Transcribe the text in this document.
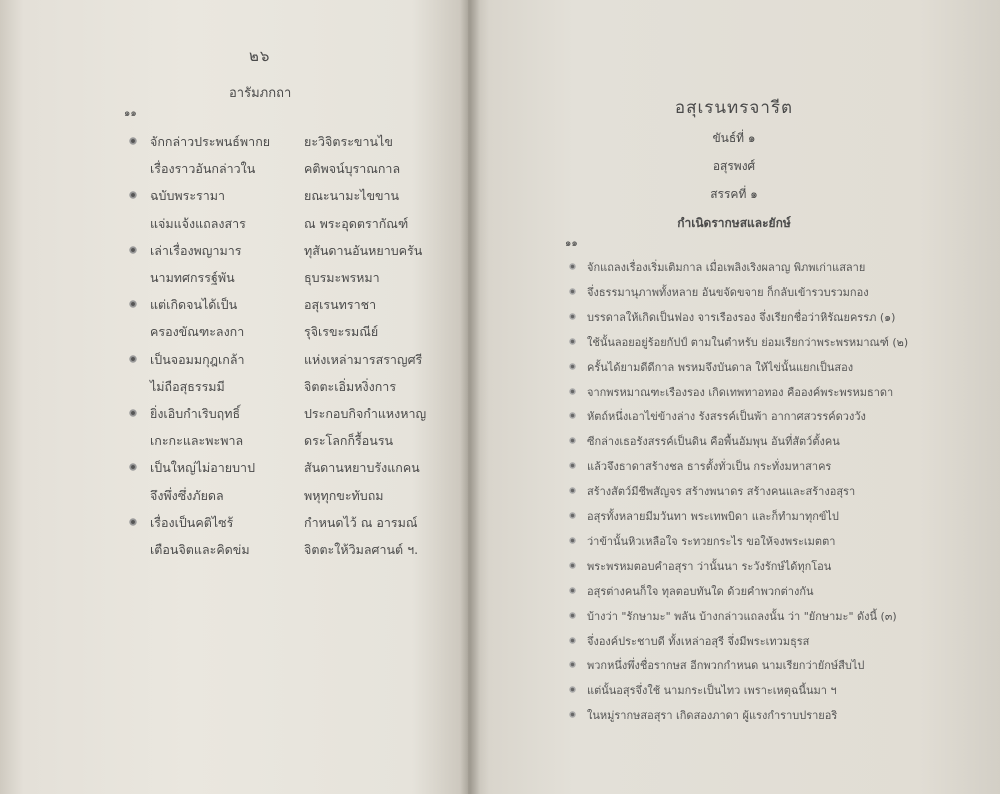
๒๖
อารัมภกถา
๑๑
จักกล่าวประพนธ์พากย	ยะวิจิตระขานไข
เรื่องราวอันกล่าวใน	คติพจน์บุราณกาล
ฉบับพระรามา	ยณะนามะไขขาน
แจ่มแจ้งแถลงสาร	ณ พระอุดตรากัณฑ์
เล่าเรื่องพญามาร	ทุสันดานอันหยาบครัน
นามทศกรรฐ์พัน	ธุบรมะพรหมา
แต่เกิดจนได้เป็น	อสุเรนทราชา
ครองขัณฑะลงกา	รุจิเรขะรมณีย์
เป็นจอมมกุฎเกล้า	แห่งเหล่ามารสราญศรี
ไม่ถือสุธรรมมี	จิตตะเอิ่มหงิ่งการ
ยิ่งเอิบกำเริบฤทธิ์	ประกอบกิจกำแหงหาญ
เกะกะและพะพาล	ดระโลกก็รื้อนรน
เป็นใหญ่ไม่อายบาป	สันดานหยาบรังแกคน
จึงพึ่งซึ่งภัยดล	พหุทุกขะทับถม
เรื่องเป็นคติไซร้	กำหนดไว้ ณ อารมณ์
เตือนจิตและคิดข่ม	จิตตะให้วิมลศานต์ ฯ.
อสุเรนทรจารีต
ขันธ์ที่ ๑
อสุรพงศ์
สรรคที่ ๑
กำเนิดรากษสและยักษ์
๑๑
จักแถลงเรื่องเริ่มเติมกาล เมื่อเพลิงเริงผลาญ พิภพเก่าแสลาย
จึ่งธรรมานุภาพทั้งหลาย อันขจัดขจาย ก็กลับเข้ารวบรวมกอง
บรรดาลให้เกิดเป็นฟอง จารเรืองรอง จึ่งเรียกชื่อว่าหิรัณยครรภ (๑)
ใช้นั้นลอยอยู่ร้อยกัปป์ ตามในตำหรับ ย่อมเรียกว่าพระพรหมาณฑ์ (๒)
ครั้นได้ยามดีดีกาล พรหมจึงบันดาล ให้ไข่นั้นแยกเป็นสอง
จากพรหมาณฑะเรืองรอง เกิดเทพทาอทอง คือองค์พระพรหมธาดา
หัตถ์หนึ่งเอาไข่ข้างล่าง รังสรรค์เป็นพ้า อากาศสวรรค์ดวงวัง
ซีกล่างเธอรังสรรค์เป็นดิน คือพื้นอัมพุน อันที่สัตว์ตั้งคน
แล้วจึงธาดาสร้างชล ธารตั้งทั่วเป็น กระทั่งมหาสาคร
สร้างสัตว์มีชีพสัญจร สร้างพนาดร สร้างคนและสร้างอสุรา
อสุรทั้งหลายมีมวันทา พระเทพบิดา และก็ทำมาทุกข์ไป
ว่าข้านั้นหิวเหลือใจ ระทวยกระไร ขอให้จงพระเมตตา
พระพรหมตอบคำอสุรา ว่านั้นนา ระวังรักษ์ได้ทุกโอน
อสุรต่างคนก็ใจ ทุลตอบทันใด ด้วยคำพวกต่างกัน
บ้างว่า "รักษามะ" พลัน บ้างกล่าวแถลงนั้น ว่า "ยักษามะ" ดังนี้ (๓)
จึ่งองค์ประชาบดี ทั้งเหล่าอสุรี จึ่งมีพระเทวมธุรส
พวกหนึ่งพึ่งชื่อรากษส อีกพวกกำหนด นามเรียกว่ายักษ์สืบไป
แต่นั้นอสุรจึ่งใช้ นามกระเป็นไทว เพราะเหตุฉนี้นมา ฯ
ในหมู่รากษสอสุรา เกิดสองภาดา ผู้แรงกำราบปรายอริ
